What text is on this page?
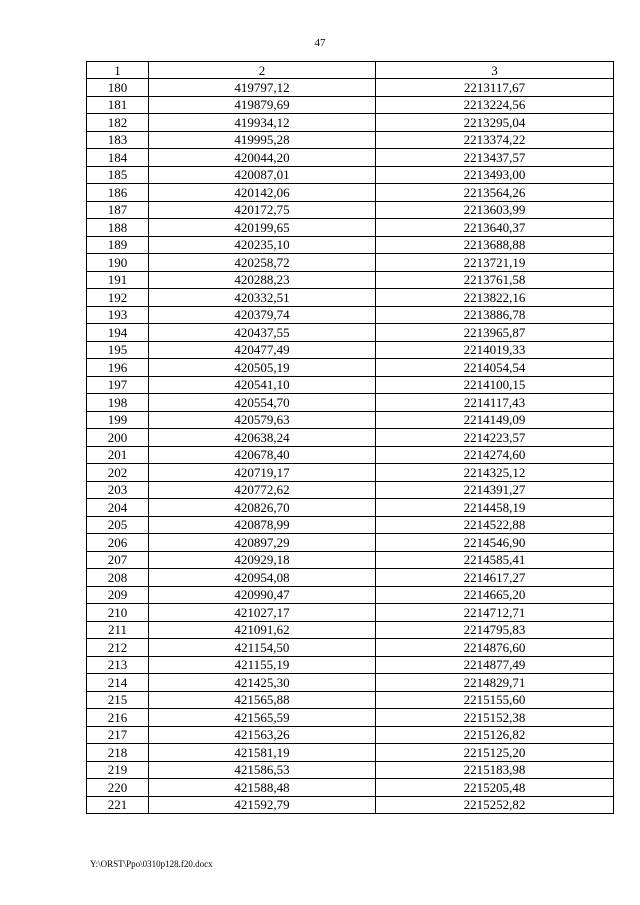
47
1	2	3
180	419797,12	2213117,67
181	419879,69	2213224,56
182	419934,12	2213295,04
183	419995,28	2213374,22
184	420044,20	2213437,57
185	420087,01	2213493,00
186	420142,06	2213564,26
187	420172,75	2213603,99
188	420199,65	2213640,37
189	420235,10	2213688,88
190	420258,72	2213721,19
191	420288,23	2213761,58
192	420332,51	2213822,16
193	420379,74	2213886,78
194	420437,55	2213965,87
195	420477,49	2214019,33
196	420505,19	2214054,54
197	420541,10	2214100,15
198	420554,70	2214117,43
199	420579,63	2214149,09
200	420638,24	2214223,57
201	420678,40	2214274,60
202	420719,17	2214325,12
203	420772,62	2214391,27
204	420826,70	2214458,19
205	420878,99	2214522,88
206	420897,29	2214546,90
207	420929,18	2214585,41
208	420954,08	2214617,27
209	420990,47	2214665,20
210	421027,17	2214712,71
211	421091,62	2214795,83
212	421154,50	2214876,60
213	421155,19	2214877,49
214	421425,30	2214829,71
215	421565,88	2215155,60
216	421565,59	2215152,38
217	421563,26	2215126,82
218	421581,19	2215125,20
219	421586,53	2215183,98
220	421588,48	2215205,48
221	421592,79	2215252,82
Y:\ORST\Ppo\0310p128.f20.docx
